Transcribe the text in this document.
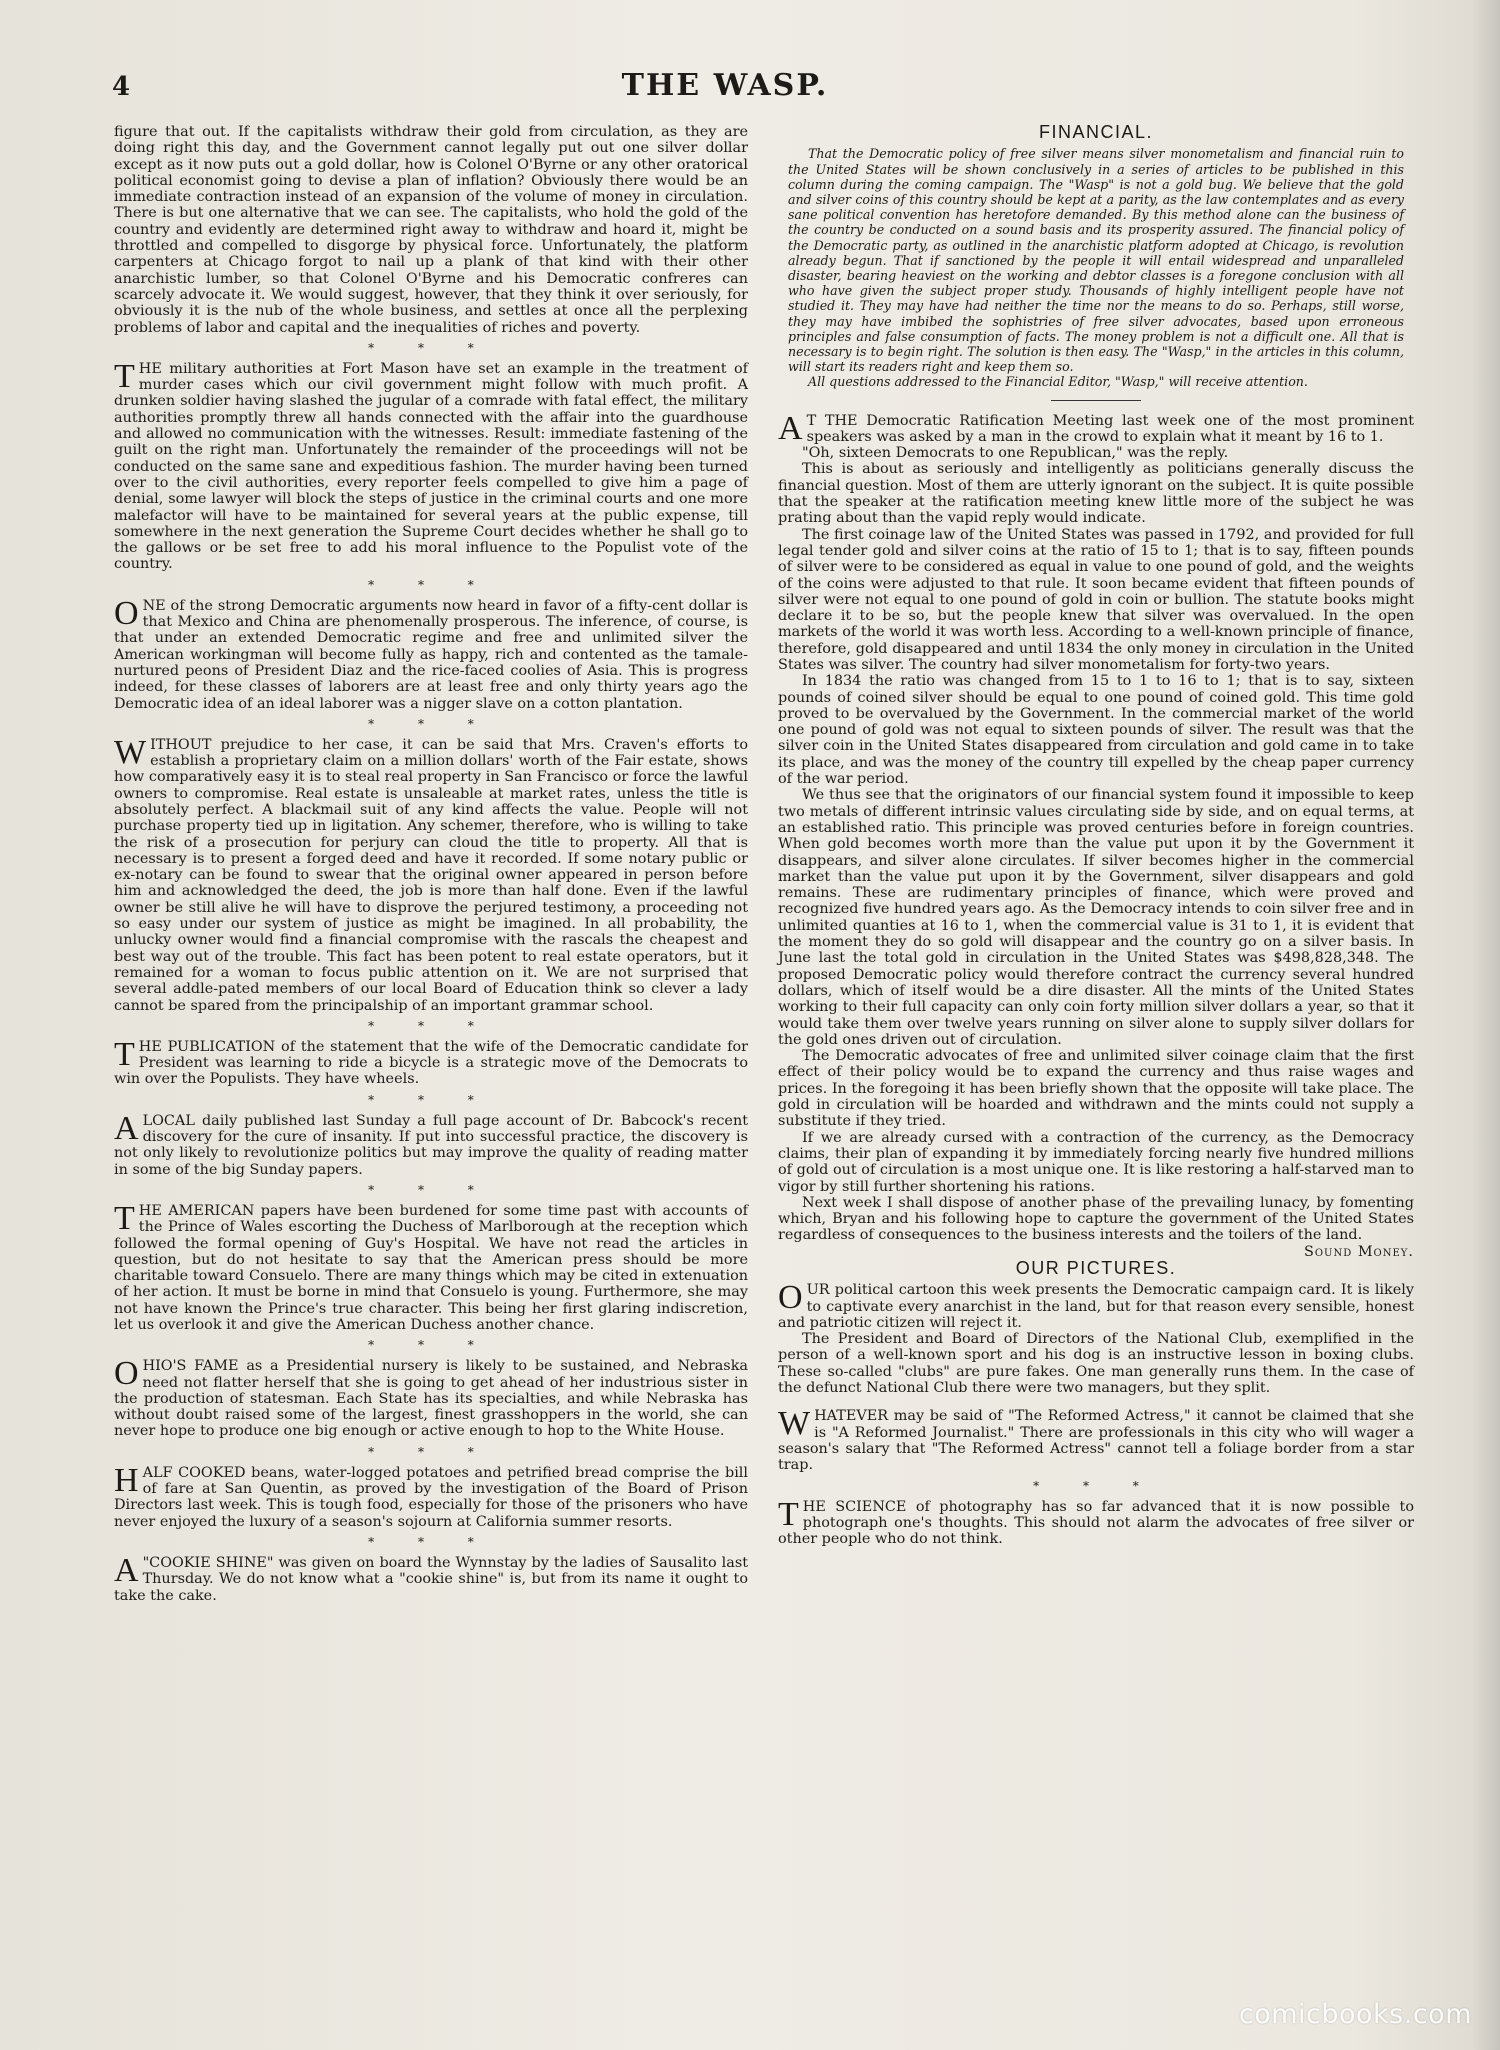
4	THE WASP.

figure that out. If the capitalists withdraw their gold from circulation, as they are doing right this day, and the Government cannot legally put out one silver dollar except as it now puts out a gold dollar, how is Colonel O'Byrne or any other oratorical political economist going to devise a plan of inflation? Obviously there would be an immediate contraction instead of an expansion of the volume of money in circulation. There is but one alternative that we can see. The capitalists, who hold the gold of the country and evidently are determined right away to withdraw and hoard it, might be throttled and compelled to disgorge by physical force. Unfortunately, the platform carpenters at Chicago forgot to nail up a plank of that kind with their other anarchistic lumber, so that Colonel O'Byrne and his Democratic confreres can scarcely advocate it. We would suggest, however, that they think it over seriously, for obviously it is the nub of the whole business, and settles at once all the perplexing problems of labor and capital and the inequalities of riches and poverty.

* * *

THE military authorities at Fort Mason have set an example in the treatment of murder cases which our civil government might follow with much profit. A drunken soldier having slashed the jugular of a comrade with fatal effect, the military authorities promptly threw all hands connected with the affair into the guardhouse and allowed no communication with the witnesses. Result: immediate fastening of the guilt on the right man. Unfortunately the remainder of the proceedings will not be conducted on the same sane and expeditious fashion. The murder having been turned over to the civil authorities, every reporter feels compelled to give him a page of denial, some lawyer will block the steps of justice in the criminal courts and one more malefactor will have to be maintained for several years at the public expense, till somewhere in the next generation the Supreme Court decides whether he shall go to the gallows or be set free to add his moral influence to the Populist vote of the country.

* * *

ONE of the strong Democratic arguments now heard in favor of a fifty-cent dollar is that Mexico and China are phenomenally prosperous. The inference, of course, is that under an extended Democratic regime and free and unlimited silver the American workingman will become fully as happy, rich and contented as the tamale-nurtured peons of President Diaz and the rice-faced coolies of Asia. This is progress indeed, for these classes of laborers are at least free and only thirty years ago the Democratic idea of an ideal laborer was a nigger slave on a cotton plantation.

* * *

WITHOUT prejudice to her case, it can be said that Mrs. Craven's efforts to establish a proprietary claim on a million dollars' worth of the Fair estate, shows how comparatively easy it is to steal real property in San Francisco or force the lawful owners to compromise. Real estate is unsaleable at market rates, unless the title is absolutely perfect. A blackmail suit of any kind affects the value. People will not purchase property tied up in ligitation. Any schemer, therefore, who is willing to take the risk of a prosecution for perjury can cloud the title to property. All that is necessary is to present a forged deed and have it recorded. If some notary public or ex-notary can be found to swear that the original owner appeared in person before him and acknowledged the deed, the job is more than half done. Even if the lawful owner be still alive he will have to disprove the perjured testimony, a proceeding not so easy under our system of justice as might be imagined. In all probability, the unlucky owner would find a financial compromise with the rascals the cheapest and best way out of the trouble. This fact has been potent to real estate operators, but it remained for a woman to focus public attention on it. We are not surprised that several addle-pated members of our local Board of Education think so clever a lady cannot be spared from the principalship of an important grammar school.

* * *

THE PUBLICATION of the statement that the wife of the Democratic candidate for President was learning to ride a bicycle is a strategic move of the Democrats to win over the Populists. They have wheels.

* * *

A LOCAL daily published last Sunday a full page account of Dr. Babcock's recent discovery for the cure of insanity. If put into successful practice, the discovery is not only likely to revolutionize politics but may improve the quality of reading matter in some of the big Sunday papers.

* * *

THE AMERICAN papers have been burdened for some time past with accounts of the Prince of Wales escorting the Duchess of Marlborough at the reception which followed the formal opening of Guy's Hospital. We have not read the articles in question, but do not hesitate to say that the American press should be more charitable toward Consuelo. There are many things which may be cited in extenuation of her action. It must be borne in mind that Consuelo is young. Furthermore, she may not have known the Prince's true character. This being her first glaring indiscretion, let us overlook it and give the American Duchess another chance.

* * *

OHIO'S FAME as a Presidential nursery is likely to be sustained, and Nebraska need not flatter herself that she is going to get ahead of her industrious sister in the production of statesman. Each State has its specialties, and while Nebraska has without doubt raised some of the largest, finest grasshoppers in the world, she can never hope to produce one big enough or active enough to hop to the White House.

* * *

HALF COOKED beans, water-logged potatoes and petrified bread comprise the bill of fare at San Quentin, as proved by the investigation of the Board of Prison Directors last week. This is tough food, especially for those of the prisoners who have never enjoyed the luxury of a season's sojourn at California summer resorts.

* * *

A "COOKIE SHINE" was given on board the Wynnstay by the ladies of Sausalito last Thursday. We do not know what a "cookie shine" is, but from its name it ought to take the cake.

FINANCIAL.

That the Democratic policy of free silver means silver monometalism and financial ruin to the United States will be shown conclusively in a series of articles to be published in this column during the coming campaign. The "Wasp" is not a gold bug. We believe that the gold and silver coins of this country should be kept at a parity, as the law contemplates and as every sane political convention has heretofore demanded. By this method alone can the business of the country be conducted on a sound basis and its prosperity assured. The financial policy of the Democratic party, as outlined in the anarchistic platform adopted at Chicago, is revolution already begun. That if sanctioned by the people it will entail widespread and unparalleled disaster, bearing heaviest on the working and debtor classes is a foregone conclusion with all who have given the subject proper study. Thousands of highly intelligent people have not studied it. They may have had neither the time nor the means to do so. Perhaps, still worse, they may have imbibed the sophistries of free silver advocates, based upon erroneous principles and false consumption of facts. The money problem is not a difficult one. All that is necessary is to begin right. The solution is then easy. The "Wasp," in the articles in this column, will start its readers right and keep them so.

All questions addressed to the Financial Editor, "Wasp," will receive attention.

A T THE Democratic Ratification Meeting last week one of the most prominent speakers was asked by a man in the crowd to explain what it meant by 16 to 1.

"Oh, sixteen Democrats to one Republican," was the reply.

This is about as seriously and intelligently as politicians generally discuss the financial question. Most of them are utterly ignorant on the subject. It is quite possible that the speaker at the ratification meeting knew little more of the subject he was prating about than the vapid reply would indicate.

The first coinage law of the United States was passed in 1792, and provided for full legal tender gold and silver coins at the ratio of 15 to 1; that is to say, fifteen pounds of silver were to be considered as equal in value to one pound of gold, and the weights of the coins were adjusted to that rule. It soon became evident that fifteen pounds of silver were not equal to one pound of gold in coin or bullion. The statute books might declare it to be so, but the people knew that silver was overvalued. In the open markets of the world it was worth less. According to a well-known principle of finance, therefore, gold disappeared and until 1834 the only money in circulation in the United States was silver. The country had silver monometalism for forty-two years.

In 1834 the ratio was changed from 15 to 1 to 16 to 1; that is to say, sixteen pounds of coined silver should be equal to one pound of coined gold. This time gold proved to be overvalued by the Government. In the commercial market of the world one pound of gold was not equal to sixteen pounds of silver. The result was that the silver coin in the United States disappeared from circulation and gold came in to take its place, and was the money of the country till expelled by the cheap paper currency of the war period.

We thus see that the originators of our financial system found it impossible to keep two metals of different intrinsic values circulating side by side, and on equal terms, at an established ratio. This principle was proved centuries before in foreign countries. When gold becomes worth more than the value put upon it by the Government it disappears, and silver alone circulates. If silver becomes higher in the commercial market than the value put upon it by the Government, silver disappears and gold remains. These are rudimentary principles of finance, which were proved and recognized five hundred years ago. As the Democracy intends to coin silver free and in unlimited quanties at 16 to 1, when the commercial value is 31 to 1, it is evident that the moment they do so gold will disappear and the country go on a silver basis. In June last the total gold in circulation in the United States was $498,828,348. The proposed Democratic policy would therefore contract the currency several hundred dollars, which of itself would be a dire disaster. All the mints of the United States working to their full capacity can only coin forty million silver dollars a year, so that it would take them over twelve years running on silver alone to supply silver dollars for the gold ones driven out of circulation.

The Democratic advocates of free and unlimited silver coinage claim that the first effect of their policy would be to expand the currency and thus raise wages and prices. In the foregoing it has been briefly shown that the opposite will take place. The gold in circulation will be hoarded and withdrawn and the mints could not supply a substitute if they tried.

If we are already cursed with a contraction of the currency, as the Democracy claims, their plan of expanding it by immediately forcing nearly five hundred millions of gold out of circulation is a most unique one. It is like restoring a half-starved man to vigor by still further shortening his rations.

Next week I shall dispose of another phase of the prevailing lunacy, by fomenting which, Bryan and his following hope to capture the government of the United States regardless of consequences to the business interests and the toilers of the land.

Sound Money.

OUR PICTURES.

OUR political cartoon this week presents the Democratic campaign card. It is likely to captivate every anarchist in the land, but for that reason every sensible, honest and patriotic citizen will reject it.

The President and Board of Directors of the National Club, exemplified in the person of a well-known sport and his dog is an instructive lesson in boxing clubs. These so-called "clubs" are pure fakes. One man generally runs them. In the case of the defunct National Club there were two managers, but they split.

WHATEVER may be said of "The Reformed Actress," it cannot be claimed that she is "A Reformed Journalist." There are professionals in this city who will wager a season's salary that "The Reformed Actress" cannot tell a foliage border from a star trap.

* * *

THE SCIENCE of photography has so far advanced that it is now possible to photograph one's thoughts. This should not alarm the advocates of free silver or other people who do not think.

comicbooks.com
